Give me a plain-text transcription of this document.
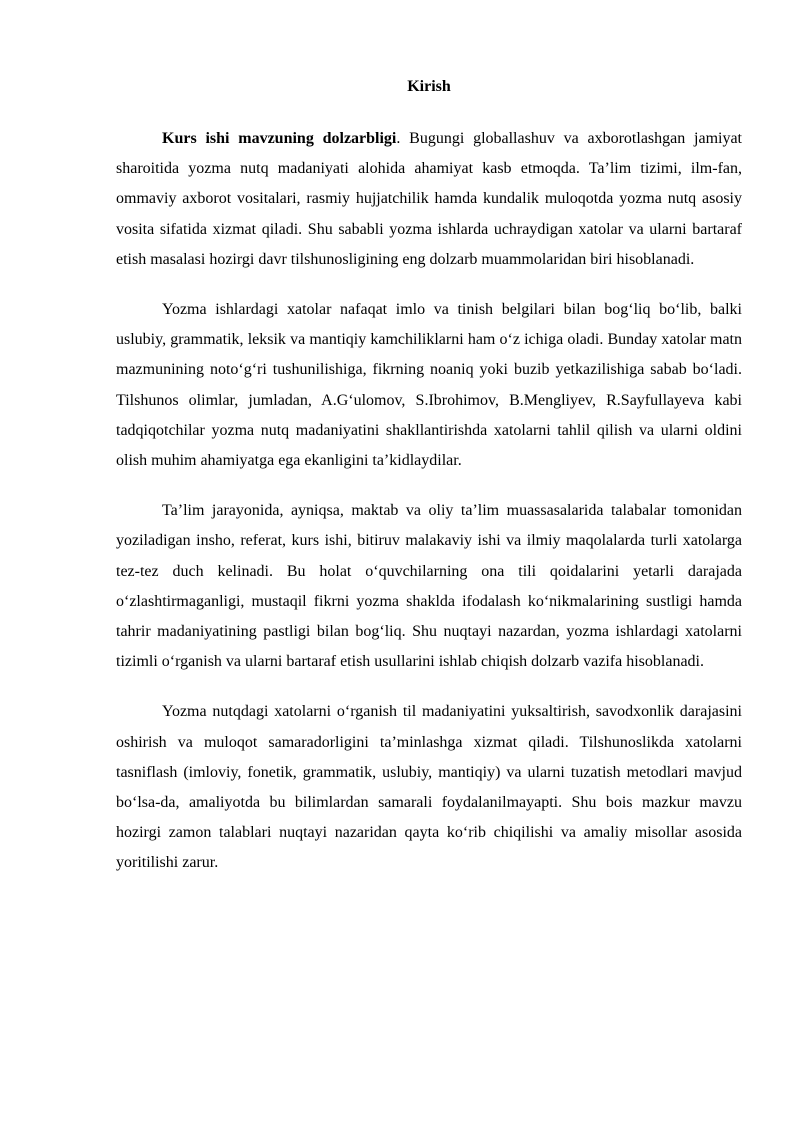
Kirish

Kurs ishi mavzuning dolzarbligi. Bugungi globallashuv va axborotlashgan jamiyat sharoitida yozma nutq madaniyati alohida ahamiyat kasb etmoqda. Ta’lim tizimi, ilm-fan, ommaviy axborot vositalari, rasmiy hujjatchilik hamda kundalik muloqotda yozma nutq asosiy vosita sifatida xizmat qiladi. Shu sababli yozma ishlarda uchraydigan xatolar va ularni bartaraf etish masalasi hozirgi davr tilshunosligining eng dolzarb muammolaridan biri hisoblanadi.

Yozma ishlardagi xatolar nafaqat imlo va tinish belgilari bilan bog‘liq bo‘lib, balki uslubiy, grammatik, leksik va mantiqiy kamchiliklarni ham o‘z ichiga oladi. Bunday xatolar matn mazmunining noto‘g‘ri tushunilishiga, fikrning noaniq yoki buzib yetkazilishiga sabab bo‘ladi. Tilshunos olimlar, jumladan, A.G‘ulomov, S.Ibrohimov, B.Mengliyev, R.Sayfullayeva kabi tadqiqotchilar yozma nutq madaniyatini shakllantirishda xatolarni tahlil qilish va ularni oldini olish muhim ahamiyatga ega ekanligini ta’kidlaydilar.

Ta’lim jarayonida, ayniqsa, maktab va oliy ta’lim muassasalarida talabalar tomonidan yoziladigan insho, referat, kurs ishi, bitiruv malakaviy ishi va ilmiy maqolalarda turli xatolarga tez-tez duch kelinadi. Bu holat o‘quvchilarning ona tili qoidalarini yetarli darajada o‘zlashtirmaganligi, mustaqil fikrni yozma shaklda ifodalash ko‘nikmalarining sustligi hamda tahrir madaniyatining pastligi bilan bog‘liq. Shu nuqtayi nazardan, yozma ishlardagi xatolarni tizimli o‘rganish va ularni bartaraf etish usullarini ishlab chiqish dolzarb vazifa hisoblanadi.

Yozma nutqdagi xatolarni o‘rganish til madaniyatini yuksaltirish, savodxonlik darajasini oshirish va muloqot samaradorligini ta’minlashga xizmat qiladi. Tilshunoslikda xatolarni tasniflash (imloviy, fonetik, grammatik, uslubiy, mantiqiy) va ularni tuzatish metodlari mavjud bo‘lsa-da, amaliyotda bu bilimlardan samarali foydalanilmayapti. Shu bois mazkur mavzu hozirgi zamon talablari nuqtayi nazaridan qayta ko‘rib chiqilishi va amaliy misollar asosida yoritilishi zarur.
